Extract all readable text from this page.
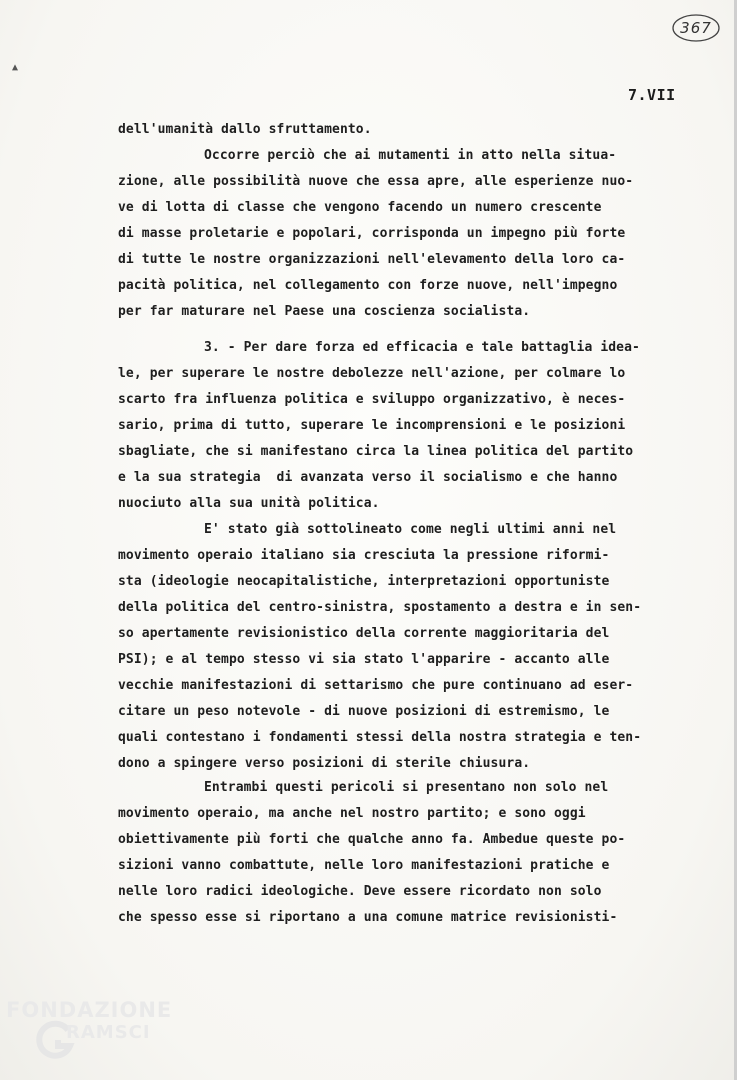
367
▲
7.VII
dell'umanità dallo sfruttamento.
Occorre perciò che ai mutamenti in atto nella situa-
zione, alle possibilità nuove che essa apre, alle esperienze nuo-
ve di lotta di classe che vengono facendo un numero crescente
di masse proletarie e popolari, corrisponda un impegno più forte
di tutte le nostre organizzazioni nell'elevamento della loro ca-
pacità politica, nel collegamento con forze nuove, nell'impegno
per far maturare nel Paese una coscienza socialista.
3. - Per dare forza ed efficacia e tale battaglia idea-
le, per superare le nostre debolezze nell'azione, per colmare lo
scarto fra influenza politica e sviluppo organizzativo, è neces-
sario, prima di tutto, superare le incomprensioni e le posizioni
sbagliate, che si manifestano circa la linea politica del partito
e la sua strategia  di avanzata verso il socialismo e che hanno
nuociuto alla sua unità politica.
E' stato già sottolineato come negli ultimi anni nel
movimento operaio italiano sia cresciuta la pressione riformi-
sta (ideologie neocapitalistiche, interpretazioni opportuniste
della politica del centro-sinistra, spostamento a destra e in sen-
so apertamente revisionistico della corrente maggioritaria del
PSI); e al tempo stesso vi sia stato l'apparire - accanto alle
vecchie manifestazioni di settarismo che pure continuano ad eser-
citare un peso notevole - di nuove posizioni di estremismo, le
quali contestano i fondamenti stessi della nostra strategia e ten-
dono a spingere verso posizioni di sterile chiusura.
Entrambi questi pericoli si presentano non solo nel
movimento operaio, ma anche nel nostro partito; e sono oggi
obiettivamente più forti che qualche anno fa. Ambedue queste po-
sizioni vanno combattute, nelle loro manifestazioni pratiche e
nelle loro radici ideologiche. Deve essere ricordato non solo
che spesso esse si riportano a una comune matrice revisionisti-
FONDAZIONE
RAMSCI
